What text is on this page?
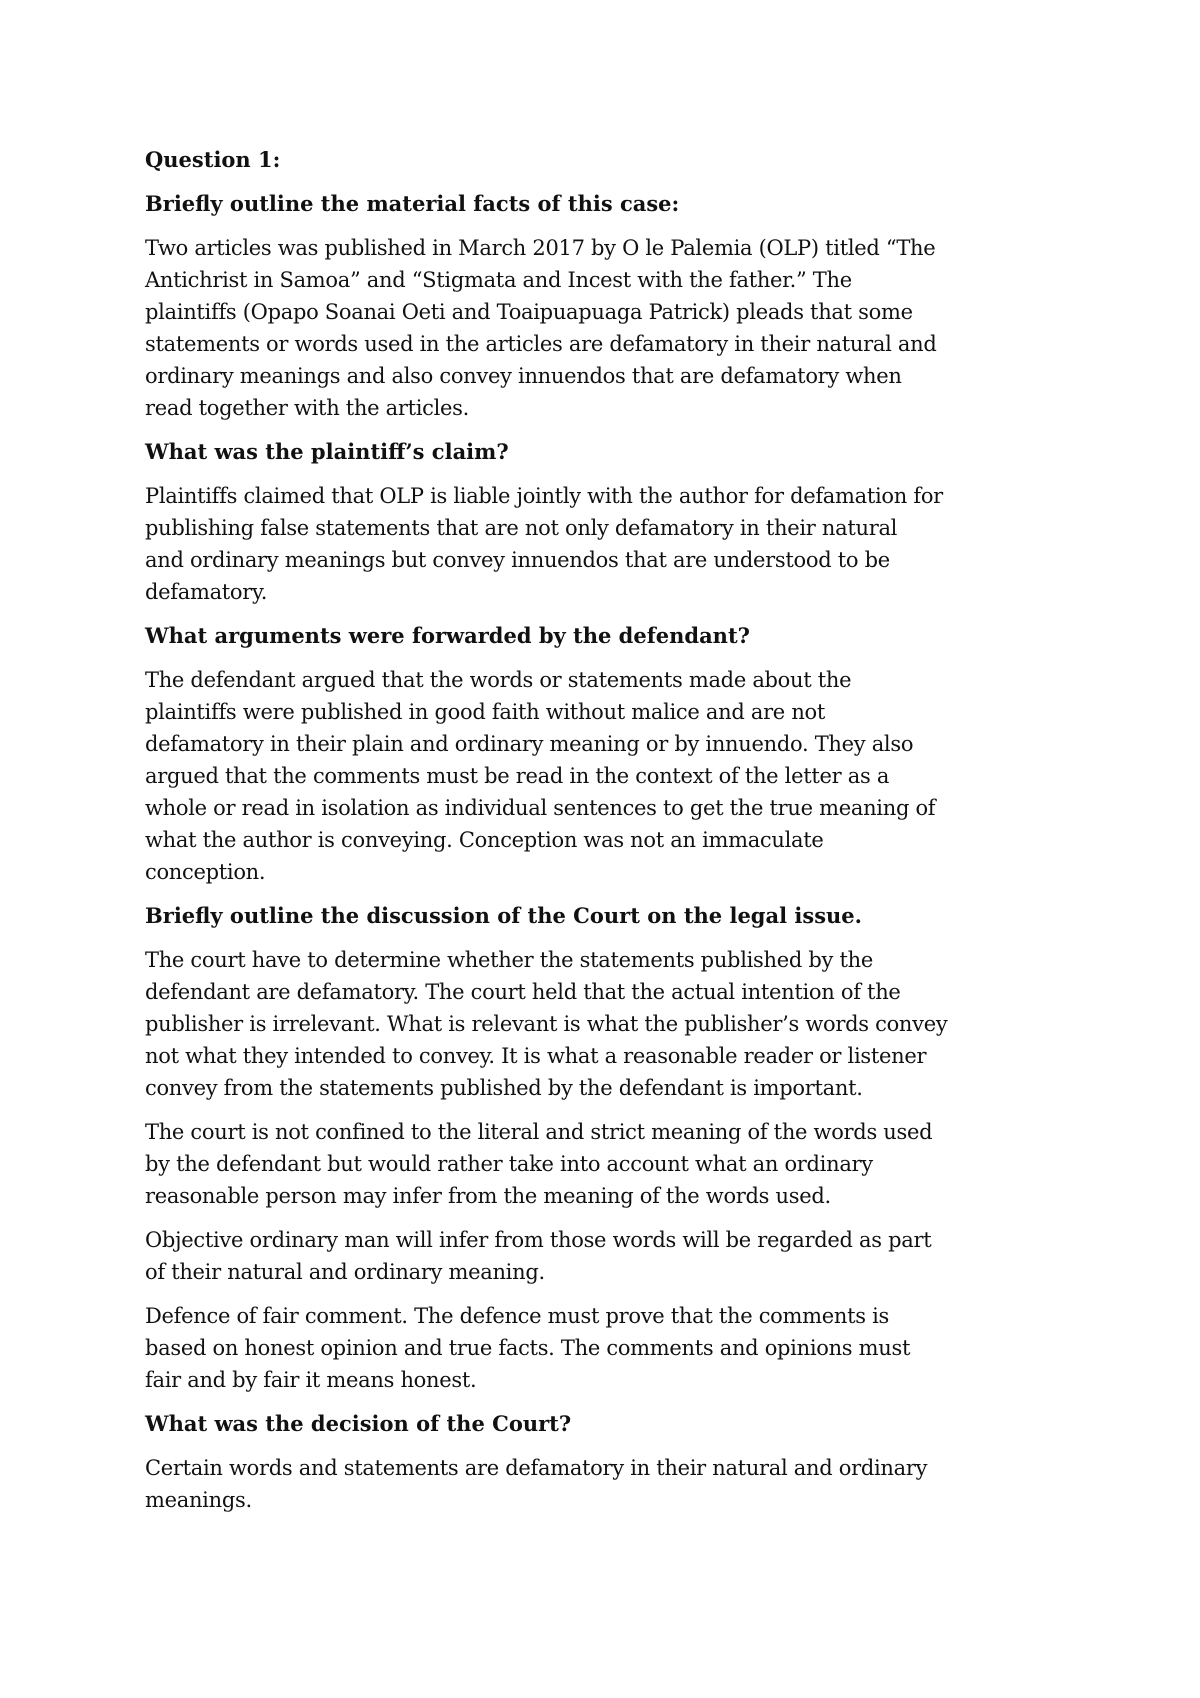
Question 1:
Briefly outline the material facts of this case:
Two articles was published in March 2017 by O le Palemia (OLP) titled “The
Antichrist in Samoa” and “Stigmata and Incest with the father.” The
plaintiffs (Opapo Soanai Oeti and Toaipuapuaga Patrick) pleads that some
statements or words used in the articles are defamatory in their natural and
ordinary meanings and also convey innuendos that are defamatory when
read together with the articles.
What was the plaintiff’s claim?
Plaintiffs claimed that OLP is liable jointly with the author for defamation for
publishing false statements that are not only defamatory in their natural
and ordinary meanings but convey innuendos that are understood to be
defamatory.
What arguments were forwarded by the defendant?
The defendant argued that the words or statements made about the
plaintiffs were published in good faith without malice and are not
defamatory in their plain and ordinary meaning or by innuendo. They also
argued that the comments must be read in the context of the letter as a
whole or read in isolation as individual sentences to get the true meaning of
what the author is conveying. Conception was not an immaculate
conception.
Briefly outline the discussion of the Court on the legal issue.
The court have to determine whether the statements published by the
defendant are defamatory. The court held that the actual intention of the
publisher is irrelevant. What is relevant is what the publisher’s words convey
not what they intended to convey. It is what a reasonable reader or listener
convey from the statements published by the defendant is important.
The court is not confined to the literal and strict meaning of the words used
by the defendant but would rather take into account what an ordinary
reasonable person may infer from the meaning of the words used.
Objective ordinary man will infer from those words will be regarded as part
of their natural and ordinary meaning.
Defence of fair comment. The defence must prove that the comments is
based on honest opinion and true facts. The comments and opinions must
fair and by fair it means honest.
What was the decision of the Court?
Certain words and statements are defamatory in their natural and ordinary
meanings.
